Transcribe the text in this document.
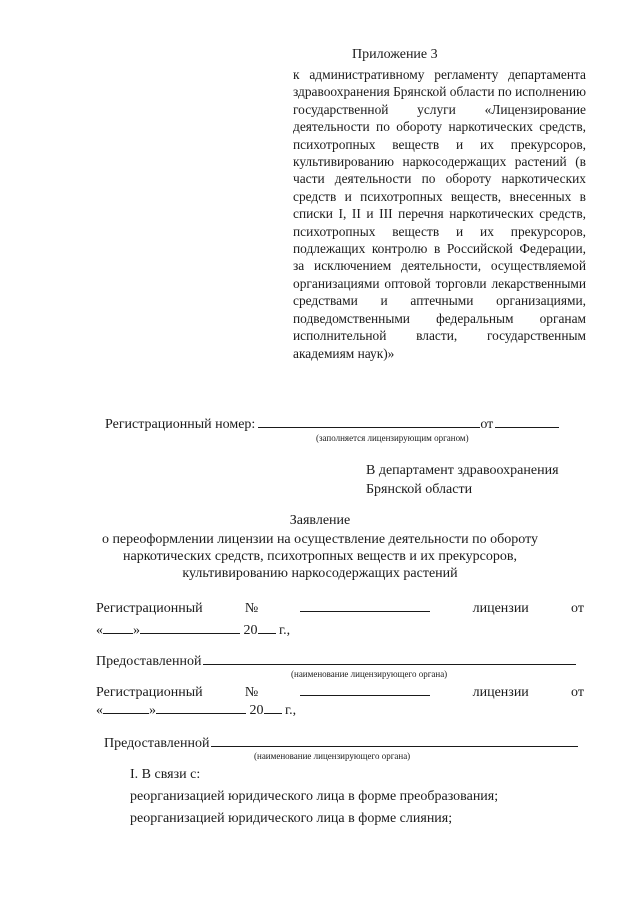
Приложение 3
к административному регламенту департамента здравоохранения Брянской области по исполнению государственной услуги «Лицензирование деятельности по обороту наркотических средств, психотропных веществ и их прекурсоров, культивированию наркосодержащих растений (в части деятельности по обороту наркотических средств и психотропных веществ, внесенных в списки I, II и III перечня наркотических средств, психотропных веществ и их прекурсоров, подлежащих контролю в Российской Федерации, за исключением деятельности, осуществляемой организациями оптовой торговли лекарственными средствами и аптечными организациями, подведомственными федеральным органам исполнительной власти, государственным академиям наук)»
Регистрационный номер:	от
(заполняется лицензирующим органом)
В департамент здравоохранения
Брянской области
Заявление
о переоформлении лицензии на осуществление деятельности по обороту наркотических средств, психотропных веществ и их прекурсоров, культивированию наркосодержащих растений
Регистрационный	№	лицензии	от
« »	20 г.,
Предоставленной
(наименование лицензирующего органа)
Регистрационный	№	лицензии	от
«	»	20 г.,
Предоставленной
(наименование лицензирующего органа)
I. В связи с:
реорганизацией юридического лица в форме преобразования;
реорганизацией юридического лица в форме слияния;
